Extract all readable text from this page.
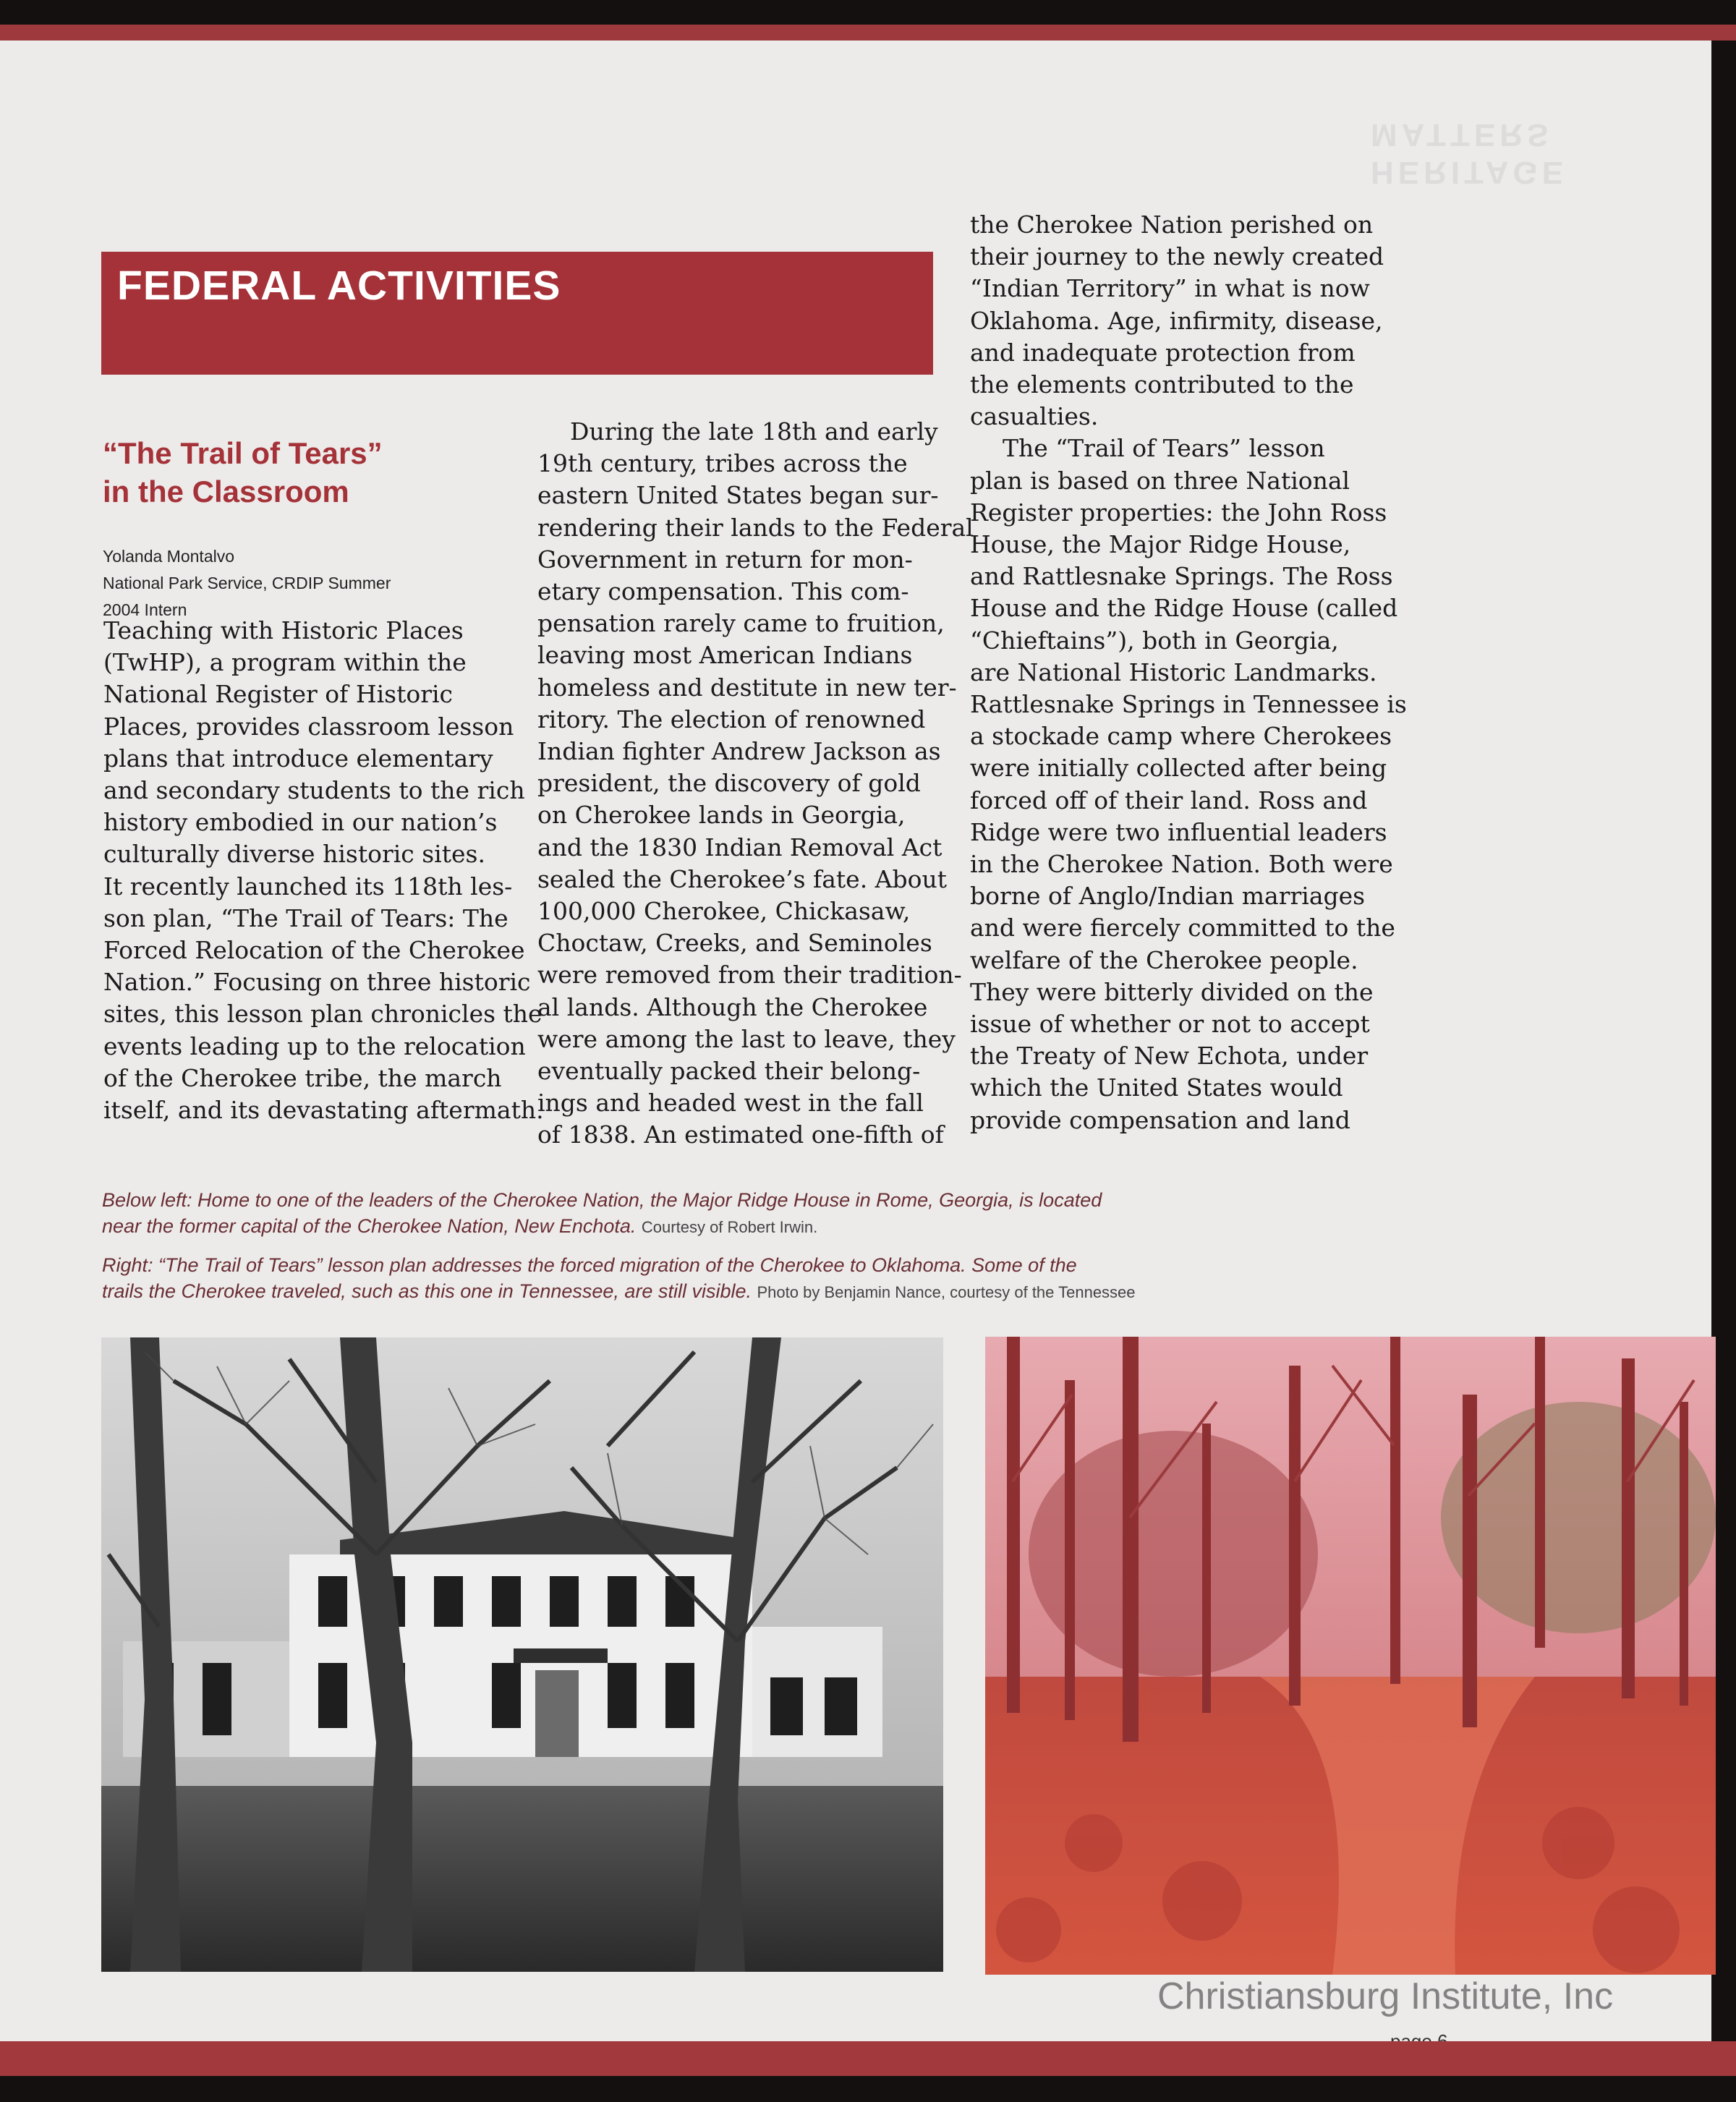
HERITAGE
MATTERS
FEDERAL ACTIVITIES
“The Trail of Tears”
in the Classroom
Yolanda Montalvo
National Park Service, CRDIP Summer
2004 Intern
Teaching with Historic Places
(TwHP), a program within the
National Register of Historic
Places, provides classroom lesson
plans that introduce elementary
and secondary students to the rich
history embodied in our nation’s
culturally diverse historic sites.
It recently launched its 118th les-
son plan, “The Trail of Tears: The
Forced Relocation of the Cherokee
Nation.” Focusing on three historic
sites, this lesson plan chronicles the
events leading up to the relocation
of the Cherokee tribe, the march
itself, and its devastating aftermath.
During the late 18th and early
19th century, tribes across the
eastern United States began sur-
rendering their lands to the Federal
Government in return for mon-
etary compensation. This com-
pensation rarely came to fruition,
leaving most American Indians
homeless and destitute in new ter-
ritory. The election of renowned
Indian fighter Andrew Jackson as
president, the discovery of gold
on Cherokee lands in Georgia,
and the 1830 Indian Removal Act
sealed the Cherokee’s fate. About
100,000 Cherokee, Chickasaw,
Choctaw, Creeks, and Seminoles
were removed from their tradition-
al lands. Although the Cherokee
were among the last to leave, they
eventually packed their belong-
ings and headed west in the fall
of 1838. An estimated one-fifth of
the Cherokee Nation perished on
their journey to the newly created
“Indian Territory” in what is now
Oklahoma. Age, infirmity, disease,
and inadequate protection from
the elements contributed to the
casualties.
The “Trail of Tears” lesson
plan is based on three National
Register properties: the John Ross
House, the Major Ridge House,
and Rattlesnake Springs. The Ross
House and the Ridge House (called
“Chieftains”), both in Georgia,
are National Historic Landmarks.
Rattlesnake Springs in Tennessee is
a stockade camp where Cherokees
were initially collected after being
forced off of their land. Ross and
Ridge were two influential leaders
in the Cherokee Nation. Both were
borne of Anglo/Indian marriages
and were fiercely committed to the
welfare of the Cherokee people.
They were bitterly divided on the
issue of whether or not to accept
the Treaty of New Echota, under
which the United States would
provide compensation and land
Below left: Home to one of the leaders of the Cherokee Nation, the Major Ridge House in Rome, Georgia, is located
near the former capital of the Cherokee Nation, New Enchota. Courtesy of Robert Irwin.
Right: “The Trail of Tears” lesson plan addresses the forced migration of the Cherokee to Oklahoma. Some of the
trails the Cherokee traveled, such as this one in Tennessee, are still visible. Photo by Benjamin Nance, courtesy of the Tennessee
Christiansburg Institute, Inc
